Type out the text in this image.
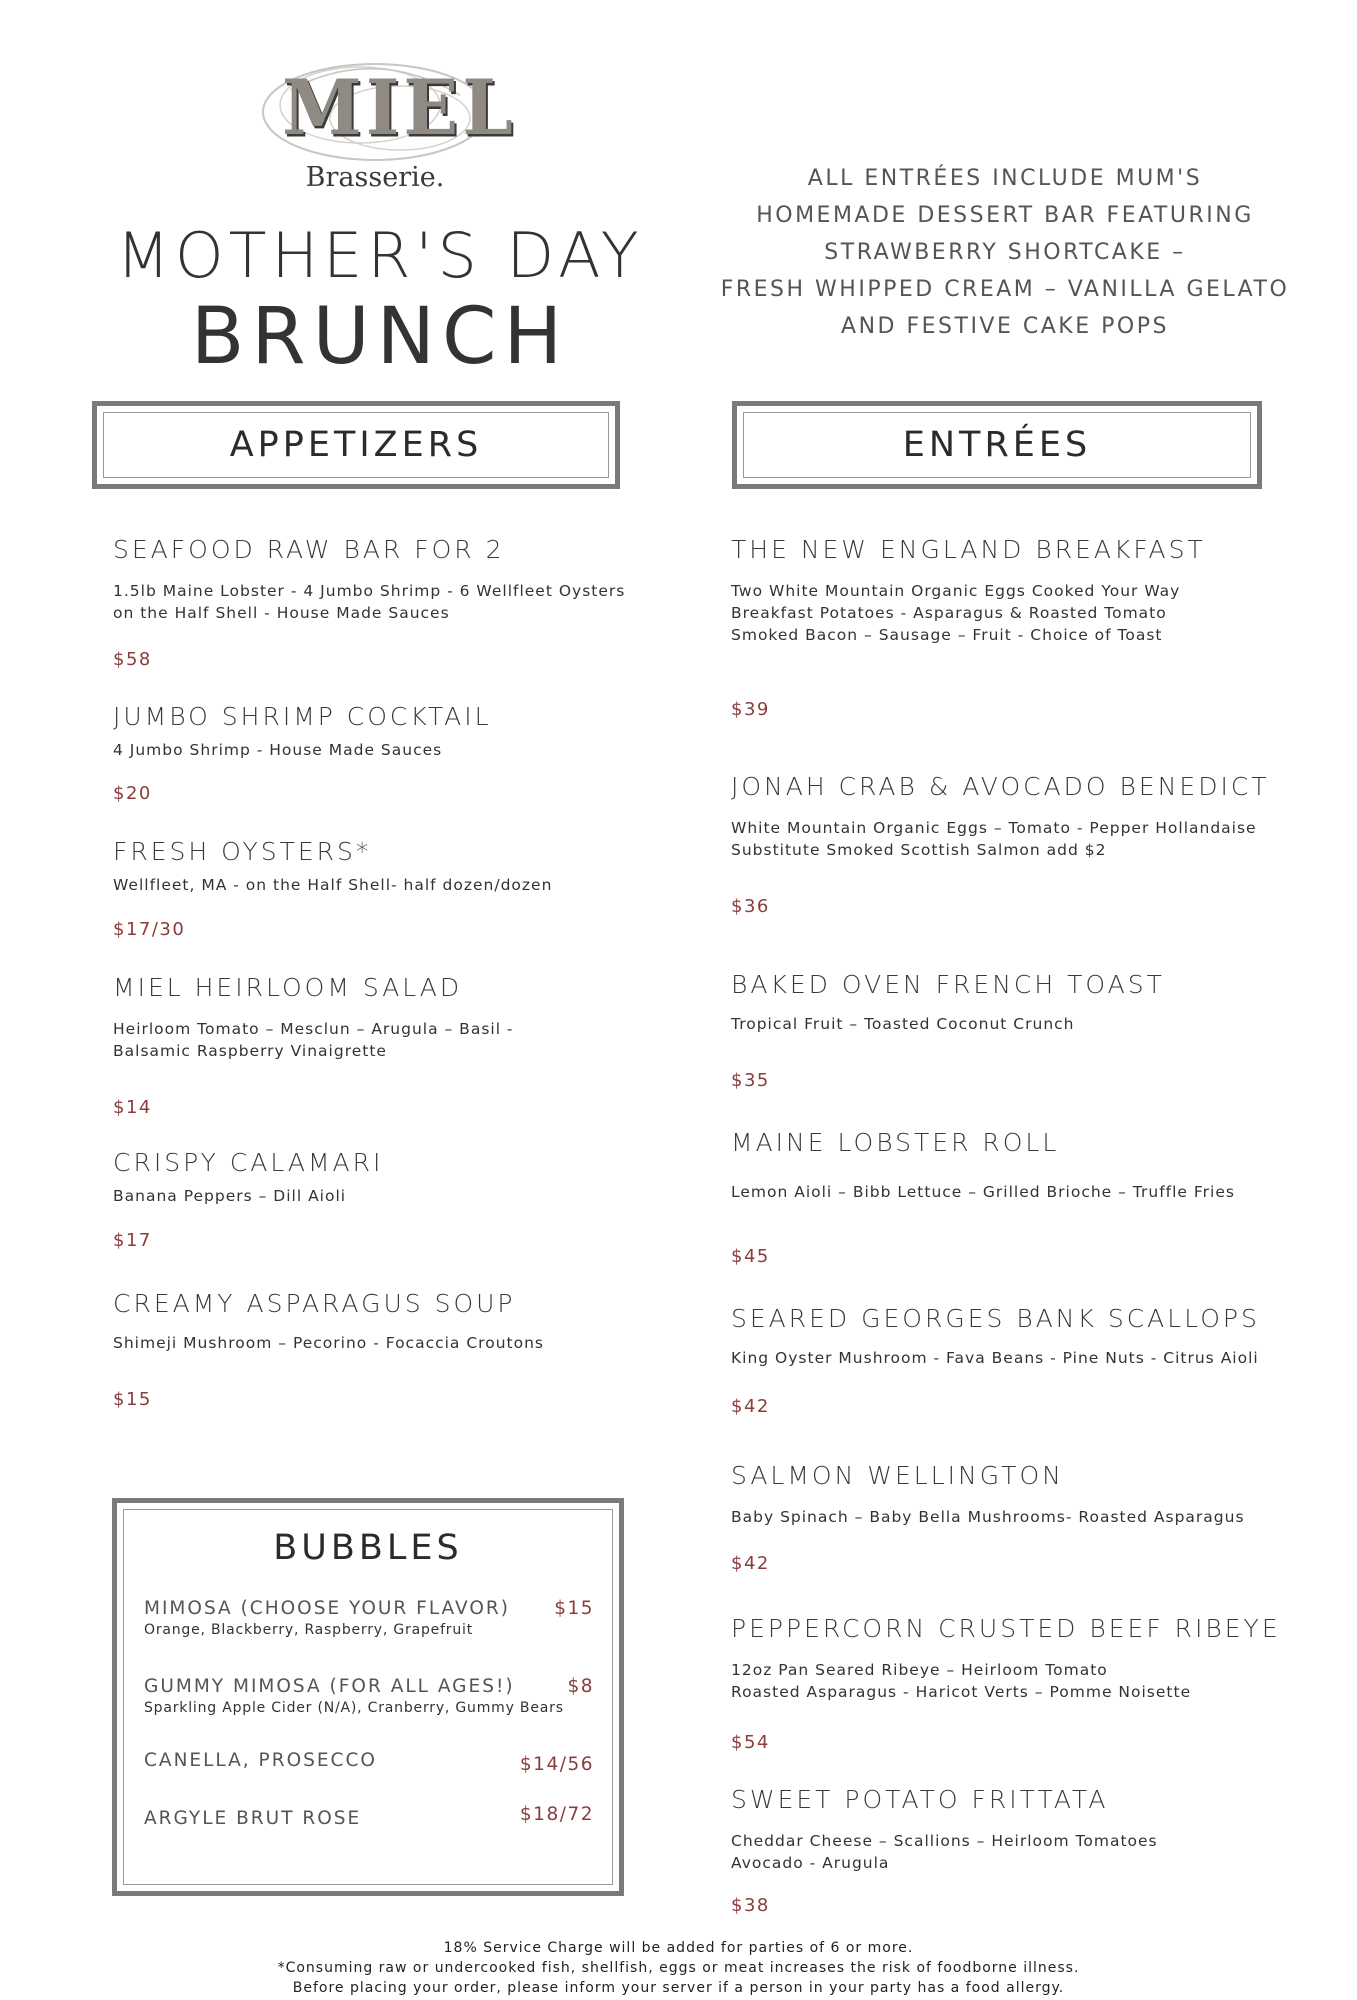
MIEL
Brasserie.
MOTHER'S DAY
BRUNCH
ALL ENTRÉES INCLUDE MUM'S
HOMEMADE DESSERT BAR FEATURING
STRAWBERRY SHORTCAKE –
FRESH WHIPPED CREAM – VANILLA GELATO
AND FESTIVE CAKE POPS
APPETIZERS	ENTRÉES
SEAFOOD RAW BAR FOR 2
1.5lb Maine Lobster - 4 Jumbo Shrimp - 6 Wellfleet Oysters
on the Half Shell - House Made Sauces
$58
JUMBO SHRIMP COCKTAIL
4 Jumbo Shrimp - House Made Sauces
$20
FRESH OYSTERS*
Wellfleet, MA - on the Half Shell- half dozen/dozen
$17/30
MIEL HEIRLOOM SALAD
Heirloom Tomato – Mesclun – Arugula – Basil -
Balsamic Raspberry Vinaigrette
$14
CRISPY CALAMARI
Banana Peppers – Dill Aioli
$17
CREAMY ASPARAGUS SOUP
Shimeji Mushroom – Pecorino - Focaccia Croutons
$15
THE NEW ENGLAND BREAKFAST
Two White Mountain Organic Eggs Cooked Your Way
Breakfast Potatoes - Asparagus & Roasted Tomato
Smoked Bacon – Sausage – Fruit - Choice of Toast
$39
JONAH CRAB & AVOCADO BENEDICT
White Mountain Organic Eggs – Tomato - Pepper Hollandaise
Substitute Smoked Scottish Salmon add $2
$36
BAKED OVEN FRENCH TOAST
Tropical Fruit – Toasted Coconut Crunch
$35
MAINE LOBSTER ROLL
Lemon Aioli – Bibb Lettuce – Grilled Brioche – Truffle Fries
$45
SEARED GEORGES BANK SCALLOPS
King Oyster Mushroom - Fava Beans - Pine Nuts - Citrus Aioli
$42
SALMON WELLINGTON
Baby Spinach – Baby Bella Mushrooms- Roasted Asparagus
$42
PEPPERCORN CRUSTED BEEF RIBEYE
12oz Pan Seared Ribeye – Heirloom Tomato
Roasted Asparagus - Haricot Verts – Pomme Noisette
$54
SWEET POTATO FRITTATA
Cheddar Cheese – Scallions – Heirloom Tomatoes
Avocado - Arugula
$38
BUBBLES
MIMOSA (CHOOSE YOUR FLAVOR) $15
Orange, Blackberry, Raspberry, Grapefruit
GUMMY MIMOSA (FOR ALL AGES!)	$8
Sparkling Apple Cider (N/A), Cranberry, Gummy Bears
CANELLA, PROSECCO	$14/56
ARGYLE BRUT ROSE	$18/72
18% Service Charge will be added for parties of 6 or more.
*Consuming raw or undercooked fish, shellfish, eggs or meat increases the risk of foodborne illness.
Before placing your order, please inform your server if a person in your party has a food allergy.
